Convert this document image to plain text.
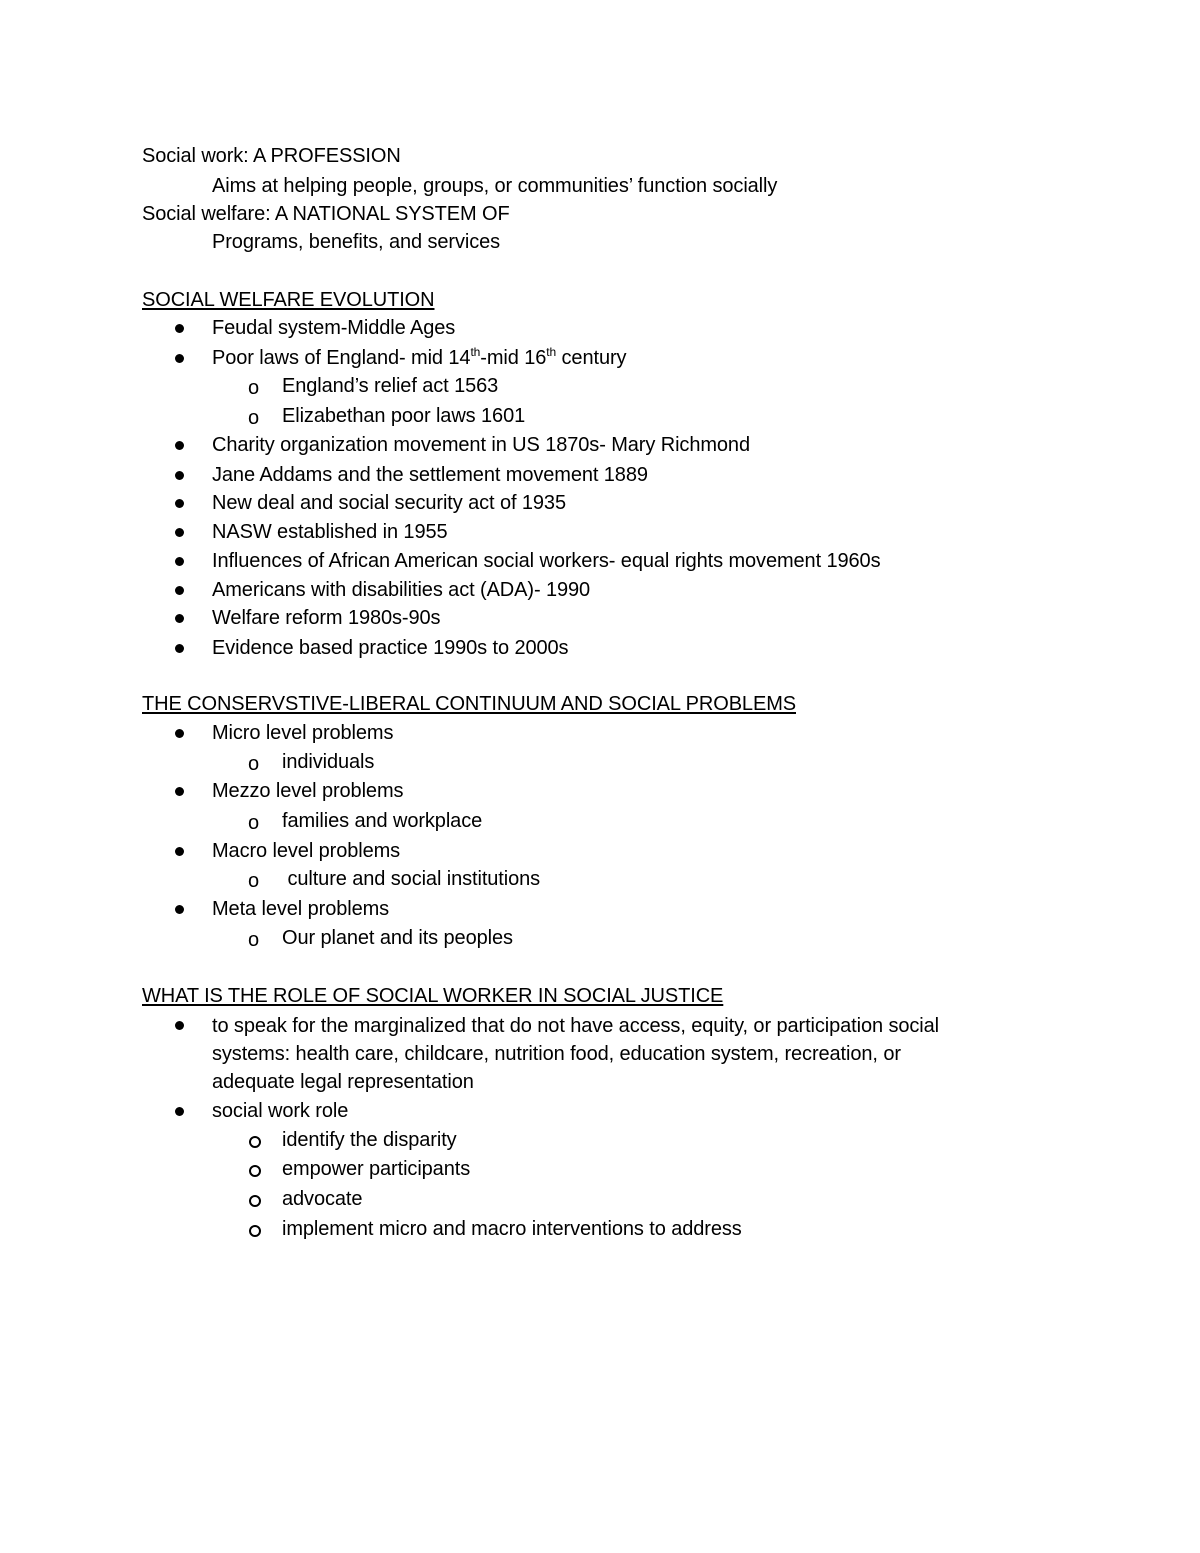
Social work: A PROFESSION
Aims at helping people, groups, or communities’ function socially
Social welfare: A NATIONAL SYSTEM OF
Programs, benefits, and services
SOCIAL WELFARE EVOLUTION
Feudal system-Middle Ages
Poor laws of England- mid 14th-mid 16th century
o England’s relief act 1563
o Elizabethan poor laws 1601
Charity organization movement in US 1870s- Mary Richmond
Jane Addams and the settlement movement 1889
New deal and social security act of 1935
NASW established in 1955
Influences of African American social workers- equal rights movement 1960s
Americans with disabilities act (ADA)- 1990
Welfare reform 1980s-90s
Evidence based practice 1990s to 2000s
THE CONSERVSTIVE-LIBERAL CONTINUUM AND SOCIAL PROBLEMS
Micro level problems
o individuals
Mezzo level problems
o families and workplace
Macro level problems
o culture and social institutions
Meta level problems
o Our planet and its peoples
WHAT IS THE ROLE OF SOCIAL WORKER IN SOCIAL JUSTICE
to speak for the marginalized that do not have access, equity, or participation social
systems: health care, childcare, nutrition food, education system, recreation, or
adequate legal representation
social work role
identify the disparity
empower participants
advocate
implement micro and macro interventions to address
